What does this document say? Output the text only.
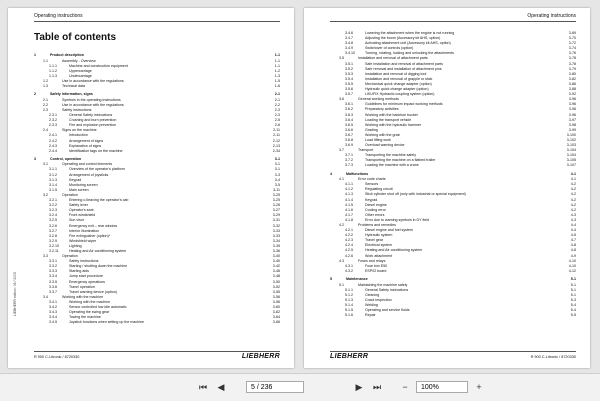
Operating instructions
Table of contents
1	Product description	1-1
1.1	Assembly - Overview	1-1
1.1.1	Machine and construction equipment	1-1
1.1.2	Uppercarriage	1-2
1.1.3	Undercarriage	1-3
1.2	Use in accordance with the regulations	1-5
1.3	Technical data	1-6
2	Safety information, signs	2-1
2.1	Symbols in the operating instructions	2-1
2.2	Use in accordance with the regulations	2-2
2.3	Safety instructions	2-3
2.3.1	General Safety instructions	2-3
2.3.2	Crushing and burn prevention	2-5
2.3.3	Fire and explosion prevention	2-6
2.4	Signs on the machine	2-11
2.4.1	Introduction	2-11
2.4.2	Arrangement of signs	2-12
2.4.3	Explanation of signs	2-13
2.4.4	Identification tags on the machine	2-34
3	Control, operation	3-1
3.1	Operating and control elements	3-1
3.1.1	Overview of the operator's platform	3-1
3.1.2	Arrangement of joysticks	3-3
3.1.3	Keypad	3-4
3.1.4	Monitoring screen	3-5
3.1.5	Main screen	3-11
3.2	Operation	3-25
3.2.1	Entering o.Ileaving the operator's cab	3-25
3.2.2	Safety lever	3-26
3.2.3	Operator's seat	3-27
3.2.4	Front windshield	3-29
3.2.5	Sun visor	3-31
3.2.6	Emergency exit – rear window	3-32
3.2.7	Interior illumination	3-33
3.2.8	Fire extinguisher (option)*	3-33
3.2.9	Windshield wiper	3-34
3.2.10	Lighting	3-35
3.2.11	Heating and Air conditioning system	3-36
3.3	Operation	3-40
3.3.1	Safety instructions	3-40
3.3.2	Starting / shutting down the machine	3-42
3.3.3	Starting aids	3-46
3.3.4	Jump start procedure	3-48
3.3.5	Emergency operations	3-50
3.3.6	Travel operation	3-52
3.3.7	Travel warning device (option)	3-55
3.4	Working with the machine	3-56
3.4.1	Working with the machine	3-56
3.4.2	Sensor controlled low idle automatic	3-60
3.4.3	Operating the swing gear	3-62
3.4.4	Towing the machine	3-64
3.4.5	Joystick functions when setting up the machine	3-66
LIEBHERR edition: 06 / 2005
R 900 C-Litronic / 8720330	LIEBHERR
Operating instructions
3.4.6	Lowering the attachment when the engine is not running	3-69
3.4.7	Adjusting the boom (Accessory kit AHS, option)	3-70
3.4.8	Activating attachment unit (Accessory kit AHS, option)	3-72
3.4.9	Switchover of controls (option)	3-74
3.4.10	Turning, rotating, locking and unlocking the attachments	3-76
3.5	Installation and removal of attachment parts	3-78
3.5.1	Safe installation and removal of attachment parts	3-78
3.5.2	Safe removal and installation of attachment pins	3-79
3.5.3	Installation and removal of digging tool	3-80
3.5.4	Installation and removal of grapple or stick	3-82
3.5.5	Mechanical quick change adapter (option)	3-86
3.5.6	Hydraulic quick change adapter (option)	3-88
3.5.7	LIKUFIX Hydraulic coupling system (option)	3-92
3.6	General working methods	3-96
3.6.1	Guidelines for minimum impact working methods	3-96
3.6.2	Preparatory activities	3-96
3.6.3	Working with the backhoe bucket	3-96
3.6.4	Loading the transport vehicle	3-97
3.6.5	Working with the hydraulic hammer	3-98
3.6.6	Grading	3-99
3.6.7	Working with the grab	3-100
3.6.8	Load lifting work	3-102
3.6.9	Overload warning device	3-103
3.7	Transport	3-104
3.7.1	Transporting the machine safely	3-104
3.7.2	Transporting the machine on a flatbed trailer	3-105
3.7.3	Loading the machine with a crane	3-107
4	Malfunctions	4-1
4.1	Error code charts	4-1
4.1.1	Sensors	4-2
4.1.2	Regulating circuit	4-2
4.1.3	Stick cylinder shut off (only with industrial or special equipment)	4-2
4.1.4	Keypad	4-2
4.1.5	Diesel engine	4-2
4.1.6	Cooling error	4-2
4.1.7	Other errors	4-3
4.1.8	Error due to warning symbols in DY field	4-3
4.2	Problems and remedies	4-4
4.2.1	Diesel engine and fuel system	4-4
4.2.2	Hydraulic system	4-5
4.2.3	Travel gear	4-7
4.2.4	Electrical system	4-8
4.2.5	Heating and Air conditioning system	4-8
4.2.6	Work attachment	4-9
4.3	Fuses and relays	4-10
4.3.1	Fuse box E50	4-10
4.3.2	ESP02 board	4-12
5	Maintenance	5-1
5.1	Maintaining the machine safely	5-1
5.1.1	General Safety instructions	5-1
5.1.2	Cleaning	5-1
5.1.3	Crack inspection	5-3
5.1.4	Welding	5-4
5.1.5	Operating and service fluids	5-4
5.1.6	Repair	5-5
LIEBHERR	R 900 C-Litronic / 8720330
⏮	◀	5 / 236	▶	⏭	−	100%	+
